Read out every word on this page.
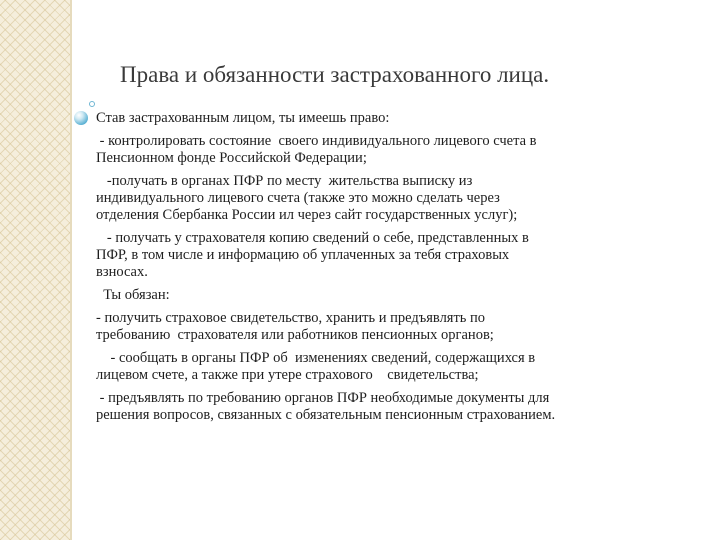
Права и обязанности застрахованного лица.

Став застрахованным лицом, ты имеешь право:

- контролировать состояние  своего индивидуального лицевого счета в
Пенсионном фонде Российской Федерации;

-получать в органах ПФР по месту  жительства выписку из
индивидуального лицевого счета (также это можно сделать через
отделения Сбербанка России ил через сайт государственных услуг);

- получать у страхователя копию сведений о себе, представленных в
ПФР, в том числе и информацию об уплаченных за тебя страховых
взносах.

Ты обязан:

- получить страховое свидетельство, хранить и предъявлять по
требованию  страхователя или работников пенсионных органов;

- сообщать в органы ПФР об  изменениях сведений, содержащихся в
лицевом счете, а также при утере страхового    свидетельства;

- предъявлять по требованию органов ПФР необходимые документы для
решения вопросов, связанных с обязательным пенсионным страхованием.
